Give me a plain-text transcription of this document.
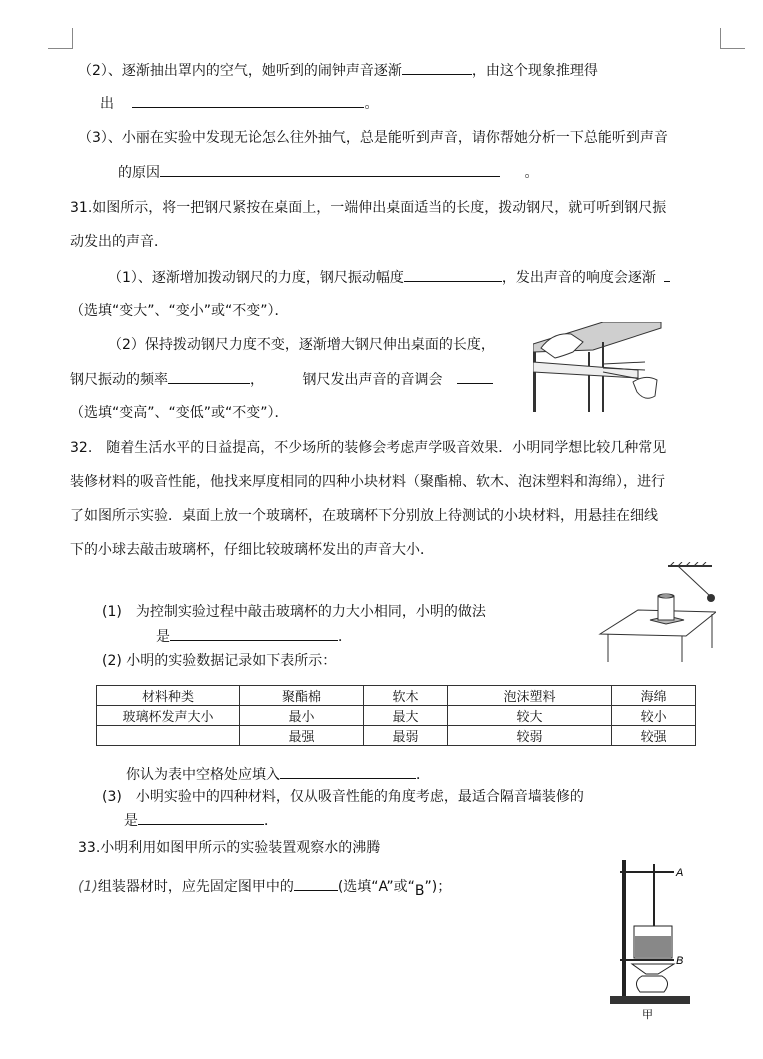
（2）、逐渐抽出罩内的空气，她听到的闹钟声音逐渐	，由这个现象推理得
出	。
（3）、小丽在实验中发现无论怎么往外抽气，总是能听到声音，请你帮她分析一下总能听到声音
的原因	。
31.如图所示，将一把钢尺紧按在桌面上，一端伸出桌面适当的长度，拨动钢尺，就可听到钢尺振
动发出的声音．
（1）、逐渐增加拨动钢尺的力度，钢尺振动幅度	，发出声音的响度会逐渐
（选填“变大”、“变小”或“不变”）．
（2）保持拨动钢尺力度不变，逐渐增大钢尺伸出桌面的长度，
钢尺振动的频率	，	钢尺发出声音的音调会
（选填“变高”、“变低”或“不变”）．
32.　随着生活水平的日益提高，不少场所的装修会考虑声学吸音效果．小明同学想比较几种常见
装修材料的吸音性能，他找来厚度相同的四种小块材料（聚酯棉、软木、泡沫塑料和海绵），进行
了如图所示实验．桌面上放一个玻璃杯，在玻璃杯下分别放上待测试的小块材料，用悬挂在细线
下的小球去敲击玻璃杯，仔细比较玻璃杯发出的声音大小．
(1)　为控制实验过程中敲击玻璃杯的力大小相同，小明的做法
是	．
(2) 小明的实验数据记录如下表所示：
材料种类	聚酯棉	软木	泡沫塑料	海绵
玻璃杯发声大小	最小	最大	较大	较小
	最强	最弱	较弱	较强
你认为表中空格处应填入	．
(3)　小明实验中的四种材料，仅从吸音性能的角度考虑，最适合隔音墙装修的
是	．
33.小明利用如图甲所示的实验装置观察水的沸腾
(1)组装器材时，应先固定图甲中的	(选填“A”或“$_B$”)；
A
B
甲
